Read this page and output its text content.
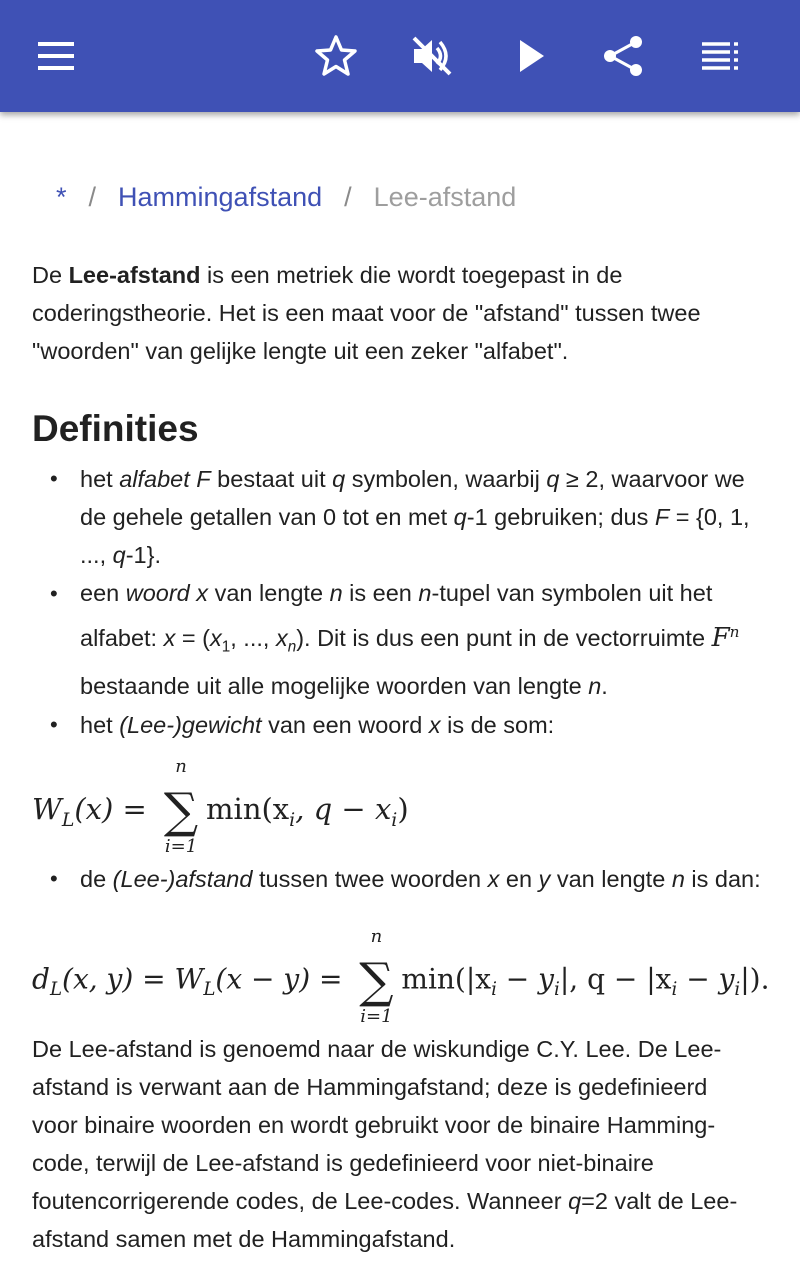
* / Hammingafstand / Lee-afstand

De Lee-afstand is een metriek die wordt toegepast in de coderingstheorie. Het is een maat voor de "afstand" tussen twee "woorden" van gelijke lengte uit een zeker "alfabet".

Definities
• het alfabet F bestaat uit q symbolen, waarbij q ≥ 2, waarvoor we de gehele getallen van 0 tot en met q-1 gebruiken; dus F = {0, 1, ..., q-1}.
• een woord x van lengte n is een n-tupel van symbolen uit het alfabet: $x = (x_1$, ..., $x_n$). Dit is dus een punt in de vectorruimte $F^n$ bestaande uit alle mogelijke woorden van lengte n.
• het (Lee-)gewicht van een woord x is de som:
$W_L(x)$ =
n
∑
i=1
$\min(x_i$, $q - x_i$)
• de (Lee-)afstand tussen twee woorden x en y van lengte n is dan:
$d_L(x$, $y) = W_L(x - y)$ =
n
∑
i=1
$\min(|x_i - y_i|$, $q - |x_i - y_i|$).

De Lee-afstand is genoemd naar de wiskundige C.Y. Lee. De Lee-afstand is verwant aan de Hammingafstand; deze is gedefinieerd voor binaire woorden en wordt gebruikt voor de binaire Hamming-code, terwijl de Lee-afstand is gedefinieerd voor niet-binaire foutencorrigerende codes, de Lee-codes. Wanneer q=2 valt de Lee-afstand samen met de Hammingafstand.
